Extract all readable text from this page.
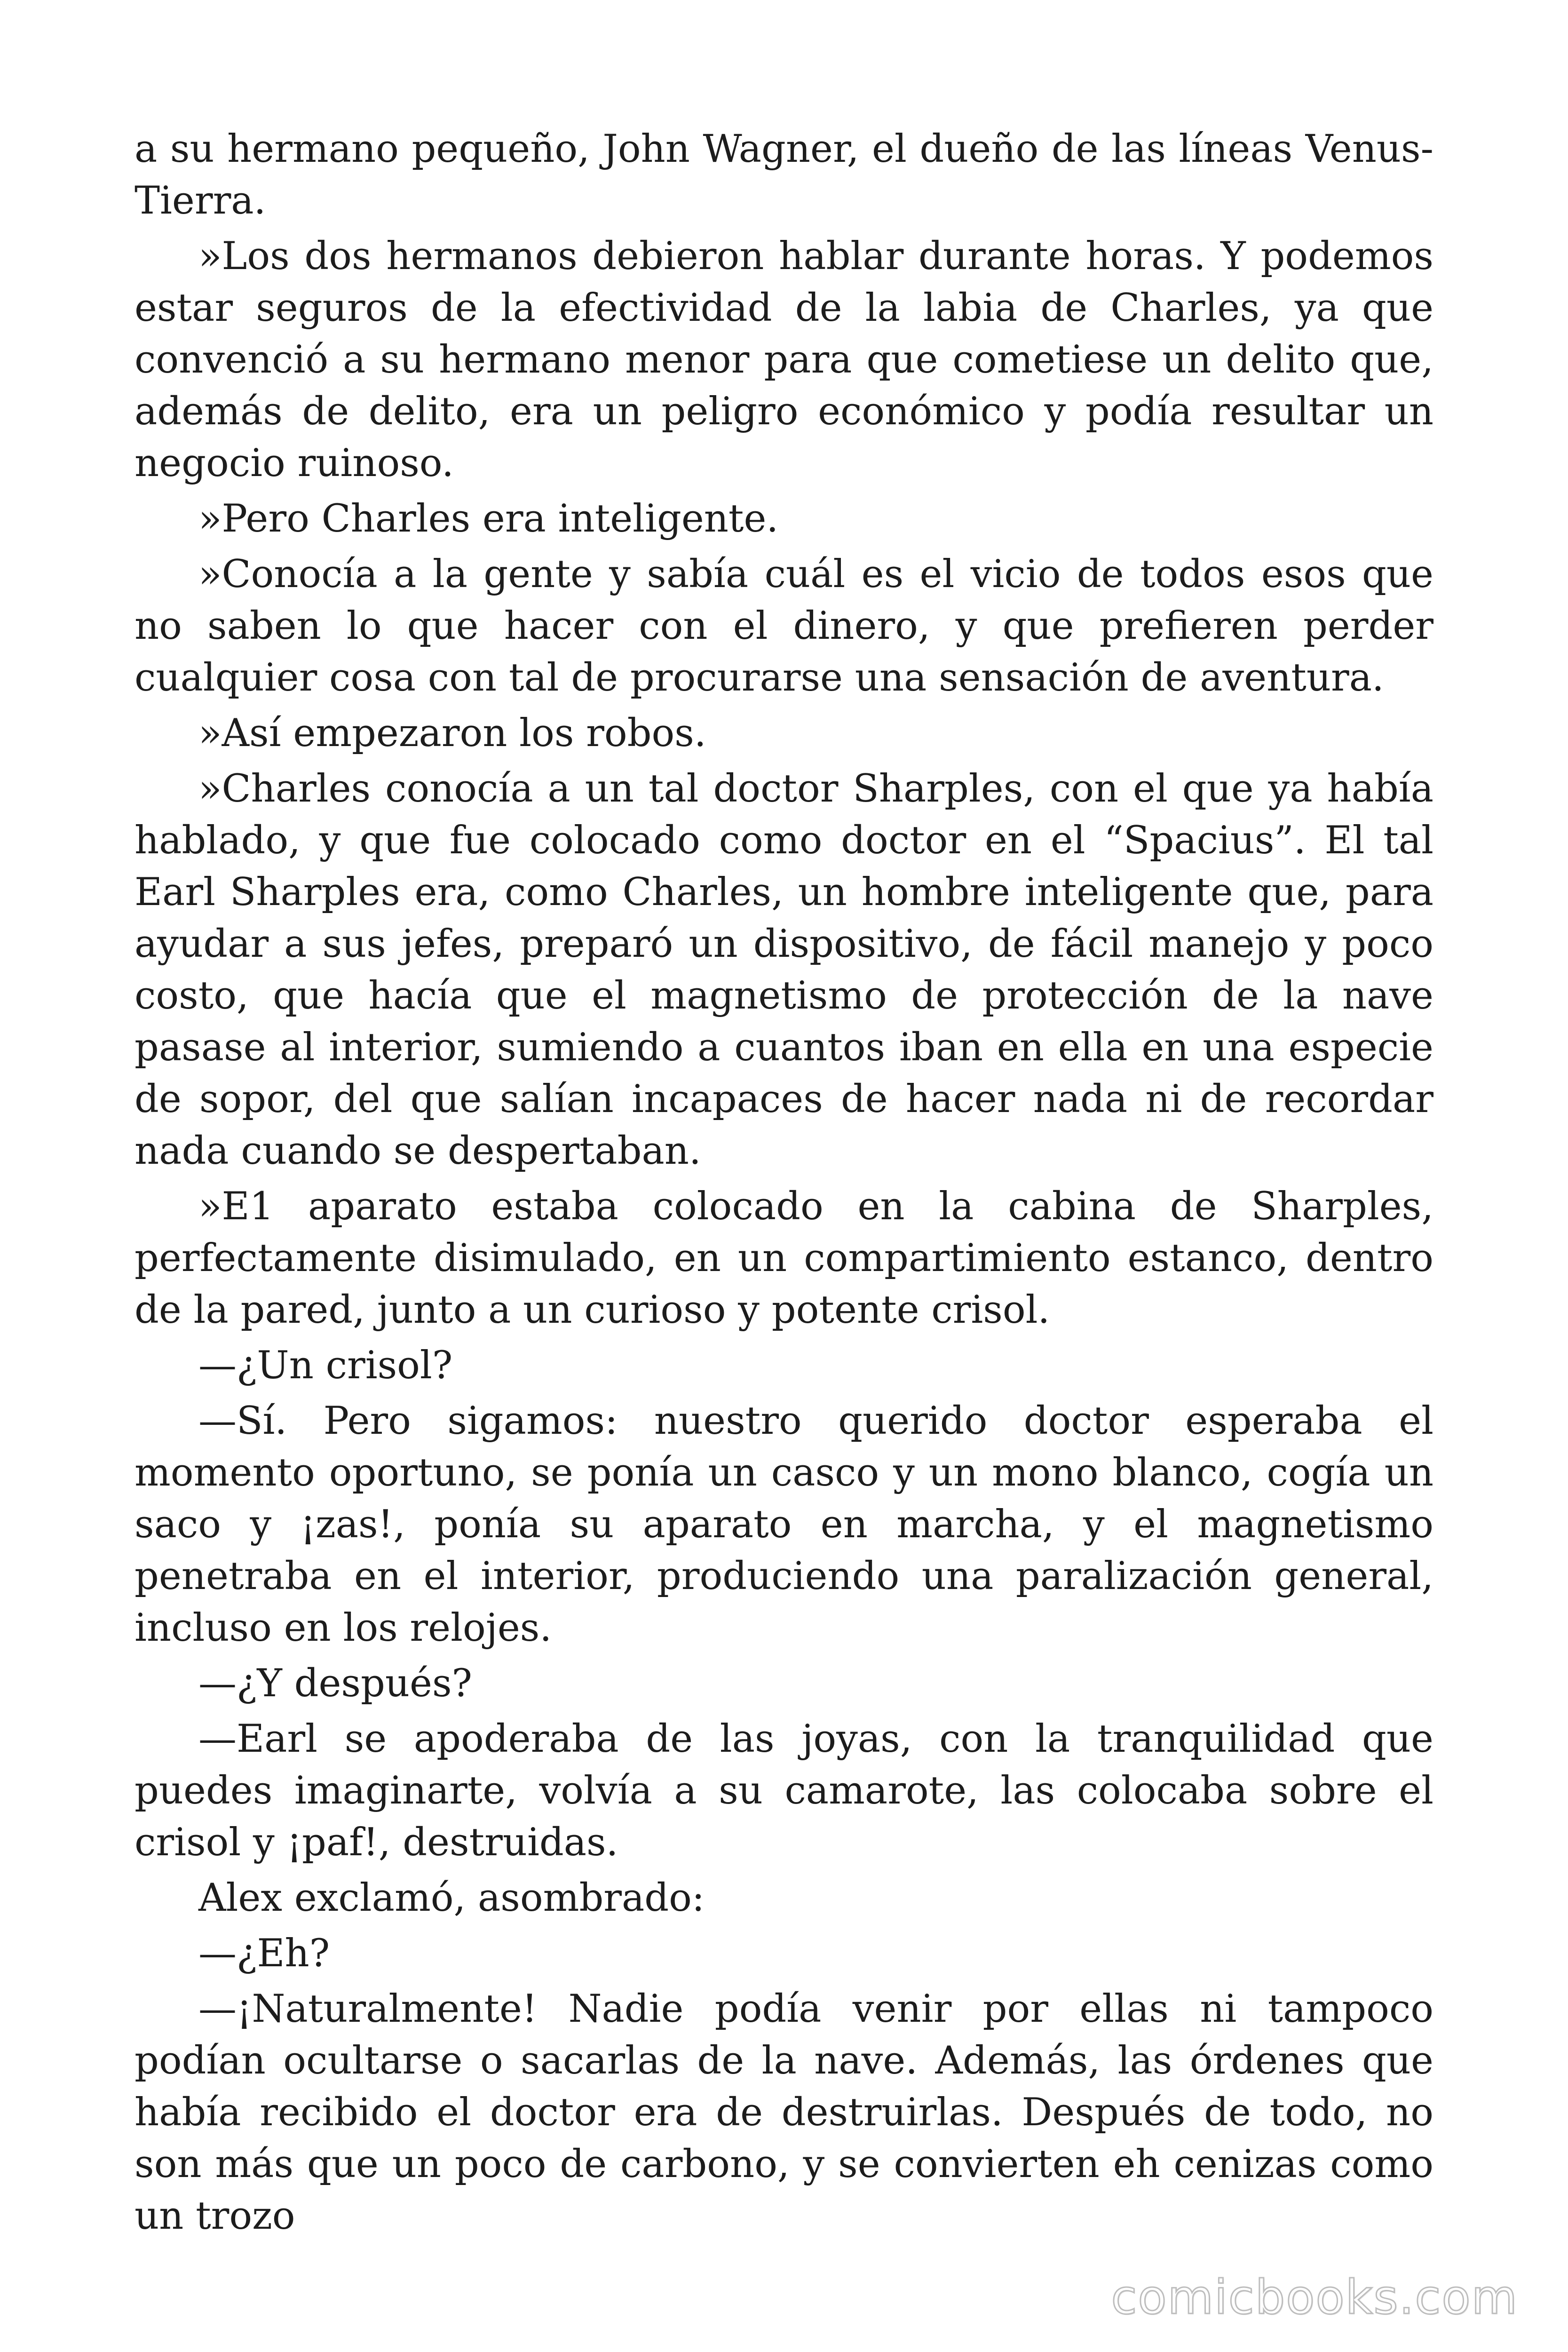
a su hermano pequeño, John Wagner, el dueño de las líneas Venus-Tierra.

»Los dos hermanos debieron hablar durante horas. Y podemos estar seguros de la efectividad de la labia de Charles, ya que convenció a su hermano menor para que cometiese un delito que, además de delito, era un peligro económico y podía resultar un negocio ruinoso.

»Pero Charles era inteligente.

»Conocía a la gente y sabía cuál es el vicio de todos esos que no saben lo que hacer con el dinero, y que prefieren perder cualquier cosa con tal de procurarse una sensación de aventura.

»Así empezaron los robos.

»Charles conocía a un tal doctor Sharples, con el que ya había hablado, y que fue colocado como doctor en el “Spacius”. El tal Earl Sharples era, como Charles, un hombre inteligente que, para ayudar a sus jefes, preparó un dispositivo, de fácil manejo y poco costo, que hacía que el magnetismo de protección de la nave pasase al interior, sumiendo a cuantos iban en ella en una especie de sopor, del que salían incapaces de hacer nada ni de recordar nada cuando se despertaban.

»E1 aparato estaba colocado en la cabina de Sharples, perfectamente disimulado, en un compartimiento estanco, dentro de la pared, junto a un curioso y potente crisol.

—¿Un crisol?

—Sí. Pero sigamos: nuestro querido doctor esperaba el momento oportuno, se ponía un casco y un mono blanco, cogía un saco y ¡zas!, ponía su aparato en marcha, y el magnetismo penetraba en el interior, produciendo una paralización general, incluso en los relojes.

—¿Y después?

—Earl se apoderaba de las joyas, con la tranquilidad que puedes imaginarte, volvía a su camarote, las colocaba sobre el crisol y ¡paf!, destruidas.

Alex exclamó, asombrado:

—¿Eh?

—¡Naturalmente! Nadie podía venir por ellas ni tampoco podían ocultarse o sacarlas de la nave. Además, las órdenes que había recibido el doctor era de destruirlas. Después de todo, no son más que un poco de carbono, y se convierten eh cenizas como un trozo

comicbooks.com
